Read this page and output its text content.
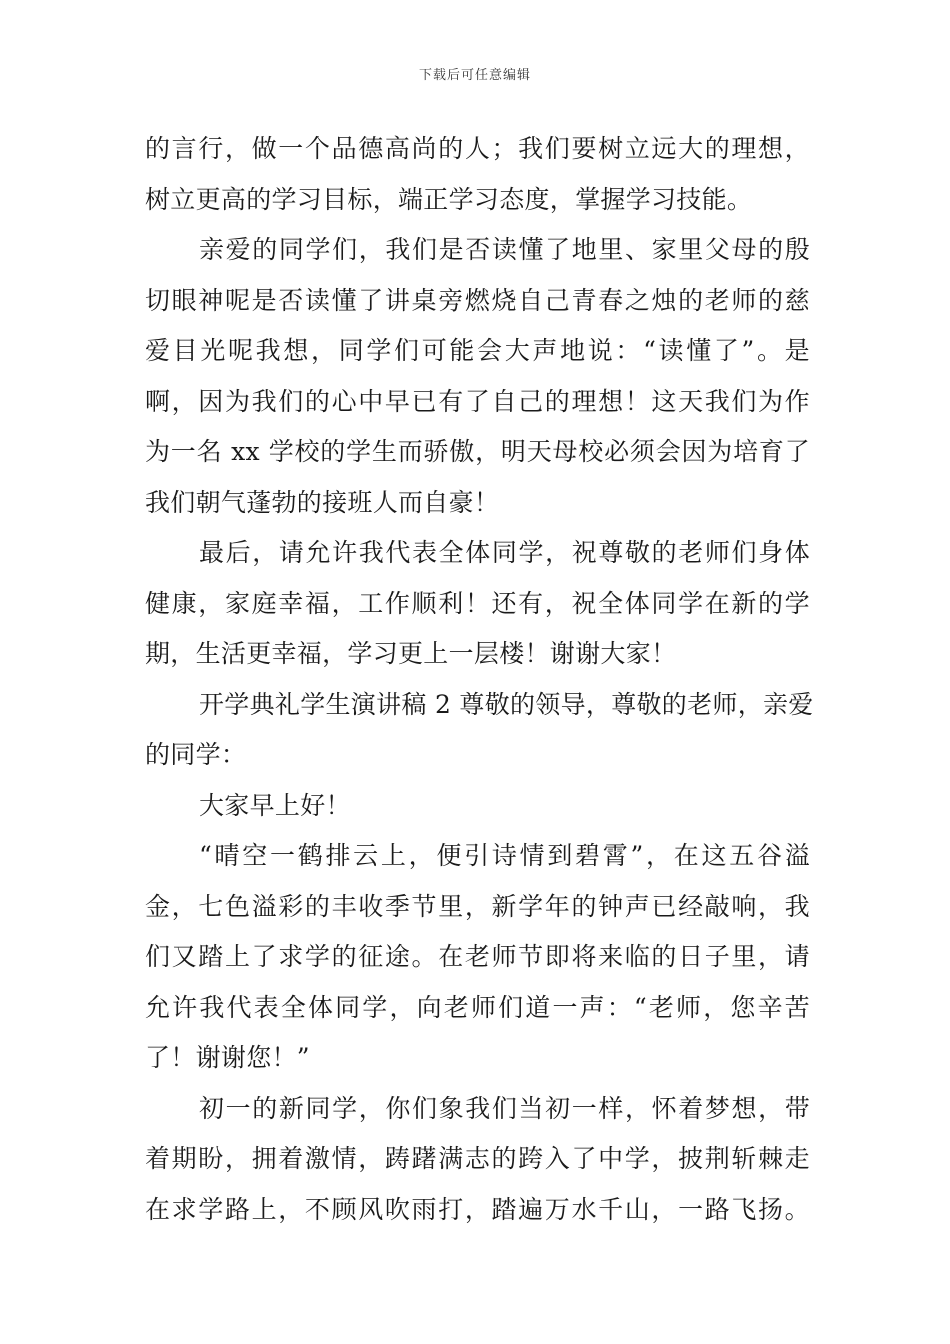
下载后可任意编辑
的言行，做一个品德高尚的人；我们要树立远大的理想，
树立更高的学习目标，端正学习态度，掌握学习技能。
亲爱的同学们，我们是否读懂了地里、家里父母的殷
切眼神呢是否读懂了讲桌旁燃烧自己青春之烛的老师的慈
爱目光呢我想，同学们可能会大声地说：“读懂了”。是
啊，因为我们的心中早已有了自己的理想！这天我们为作
为一名 xx 学校的学生而骄傲，明天母校必须会因为培育了
我们朝气蓬勃的接班人而自豪！
最后，请允许我代表全体同学，祝尊敬的老师们身体
健康，家庭幸福，工作顺利！还有，祝全体同学在新的学
期，生活更幸福，学习更上一层楼！谢谢大家！
开学典礼学生演讲稿 2 尊敬的领导，尊敬的老师，亲爱
的同学：
大家早上好！
“晴空一鹤排云上，便引诗情到碧霄”，在这五谷溢
金，七色溢彩的丰收季节里，新学年的钟声已经敲响，我
们又踏上了求学的征途。在老师节即将来临的日子里，请
允许我代表全体同学，向老师们道一声：“老师，您辛苦
了！谢谢您！”
初一的新同学，你们象我们当初一样，怀着梦想，带
着期盼，拥着激情，踌躇满志的跨入了中学，披荆斩棘走
在求学路上，不顾风吹雨打，踏遍万水千山，一路飞扬。
